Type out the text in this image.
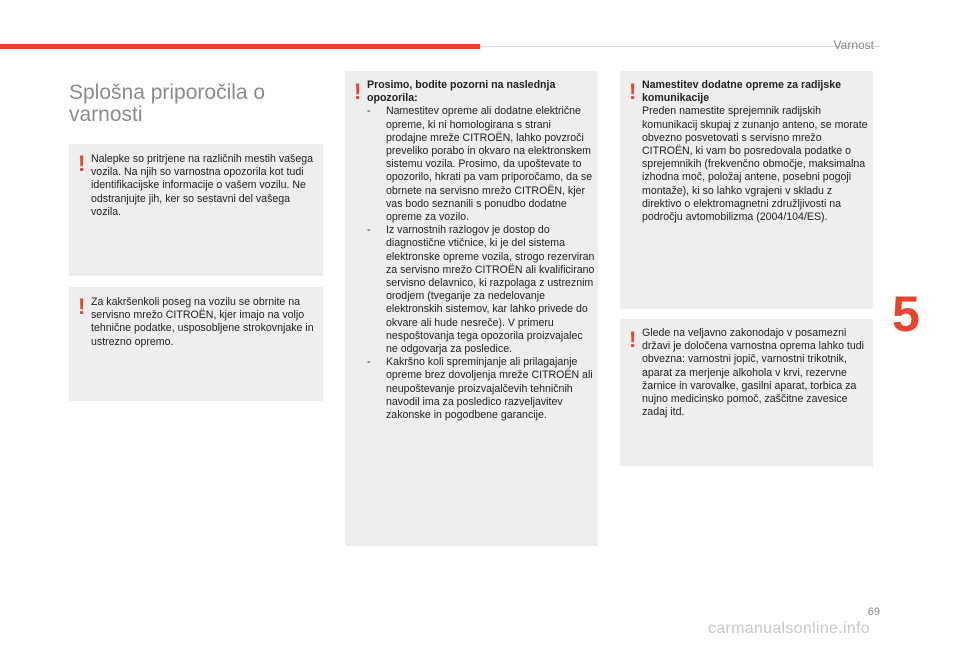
Varnost
Splošna priporočila o varnosti
! Nalepke so pritrjene na različnih mestih vašega vozila. Na njih so varnostna opozorila kot tudi identifikacijske informacije o vašem vozilu. Ne odstranjujte jih, ker so sestavni del vašega vozila.

! Za kakršenkoli poseg na vozilu se obrnite na servisno mrežo CITROËN, kjer imajo na voljo tehnične podatke, usposobljene strokovnjake in ustrezno opremo.

! Prosimo, bodite pozorni na naslednja opozorila:

- Namestitev opreme ali dodatne električne opreme, ki ni homologirana s strani prodajne mreže CITROËN, lahko povzroči preveliko porabo in okvaro na elektronskem sistemu vozila. Prosimo, da upoštevate to opozorilo, hkrati pa vam priporočamo, da se obrnete na servisno mrežo CITROËN, kjer vas bodo seznanili s ponudbo dodatne opreme za vozilo.
- Iz varnostnih razlogov je dostop do diagnostične vtičnice, ki je del sistema elektronske opreme vozila, strogo rezerviran za servisno mrežo CITROËN ali kvalificirano servisno delavnico, ki razpolaga z ustreznim orodjem (tveganje za nedelovanje elektronskih sistemov, kar lahko privede do okvare ali hude nesreče). V primeru nespoštovanja tega opozorila proizvajalec ne odgovarja za posledice.
- Kakršno koli spreminjanje ali prilagajanje opreme brez dovoljenja mreže CITROËN ali neupoštevanje proizvajalčevih tehničnih navodil ima za posledico razveljavitev zakonske in pogodbene garancije.
! Namestitev dodatne opreme za radijske komunikacije

Preden namestite sprejemnik radijskih komunikacij skupaj z zunanjo anteno, se morate obvezno posvetovati s servisno mrežo CITROËN, ki vam bo posredovala podatke o sprejemnikih (frekvenčno območje, maksimalna izhodna moč, položaj antene, posebni pogoji montaže), ki so lahko vgrajeni v skladu z direktivo o elektromagnetni združljivosti na področju avtomobilizma (2004/104/ES).

! Glede na veljavno zakonodajo v posamezni državi je določena varnostna oprema lahko tudi obvezna: varnostni jopič, varnostni trikotnik, aparat za merjenje alkohola v krvi, rezervne žarnice in varovalke, gasilni aparat, torbica za nujno medicinsko pomoč, zaščitne zavesice zadaj itd.

5
69
carmanualsonline.info
